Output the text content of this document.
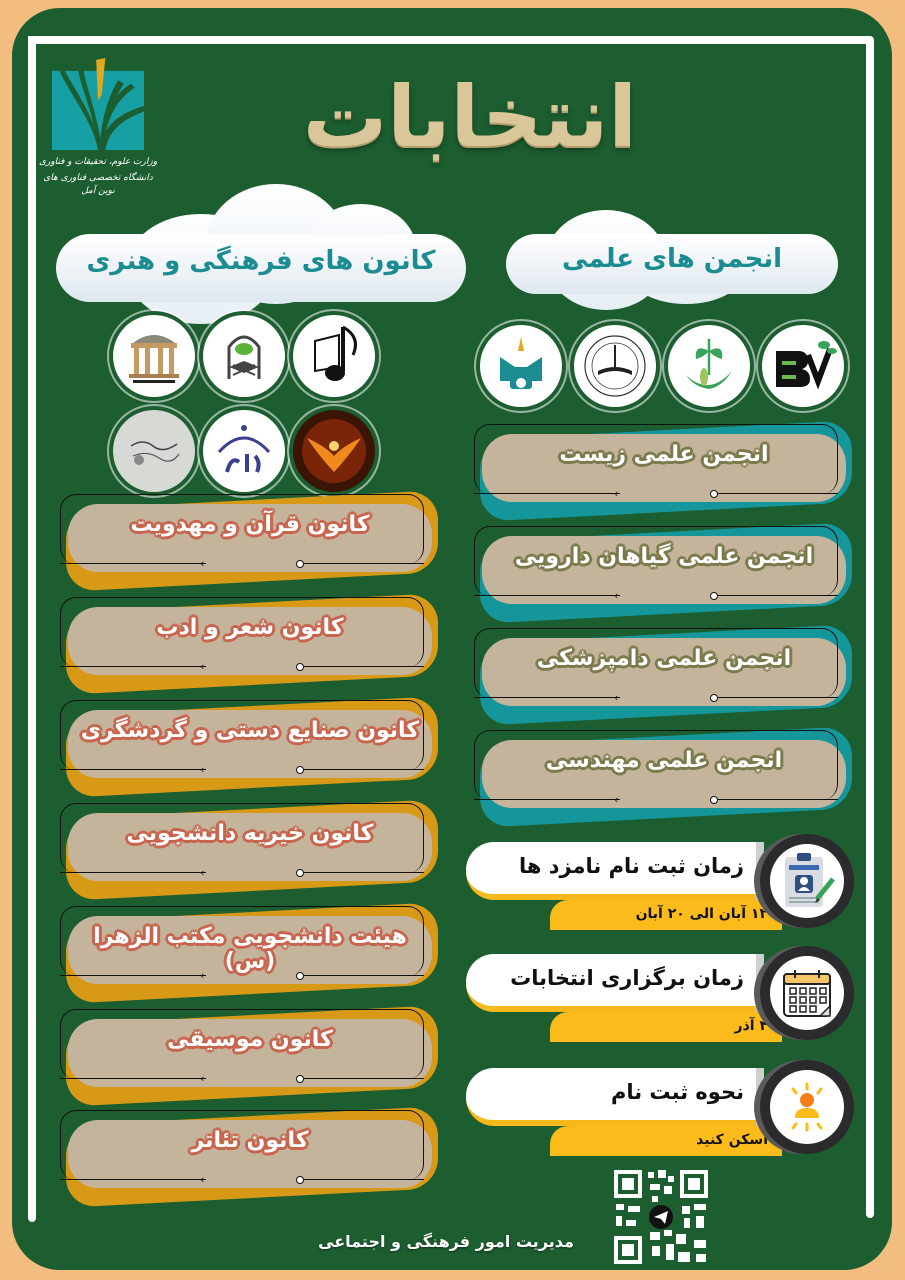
وزارت علوم، تحقیقات و فناوری
دانشگاه تخصصی فناوری های نوین آمل
انتخابات
کانون های فرهنگی و هنری	انجمن های علمی
›
انجمن علمی زیست
›
انجمن علمی گیاهان دارویی
›
انجمن علمی دامپزشکی
›
انجمن علمی مهندسی
›
کانون قرآن و مهدویت
›
کانون شعر و ادب
›
کانون صنایع دستی و گردشگری
›
کانون خیریه دانشجویی
›
هیئت دانشجویی مکتب الزهرا (س)
›
کانون موسیقی
›
کانون تئاتر
زمان ثبت نام نامزد ها
۱۲ آبان الی ۲۰ آبان
زمان برگزاری انتخابات
۴ آذر
نحوه ثبت نام
اسکن کنید
مدیریت امور فرهنگی و اجتماعی
